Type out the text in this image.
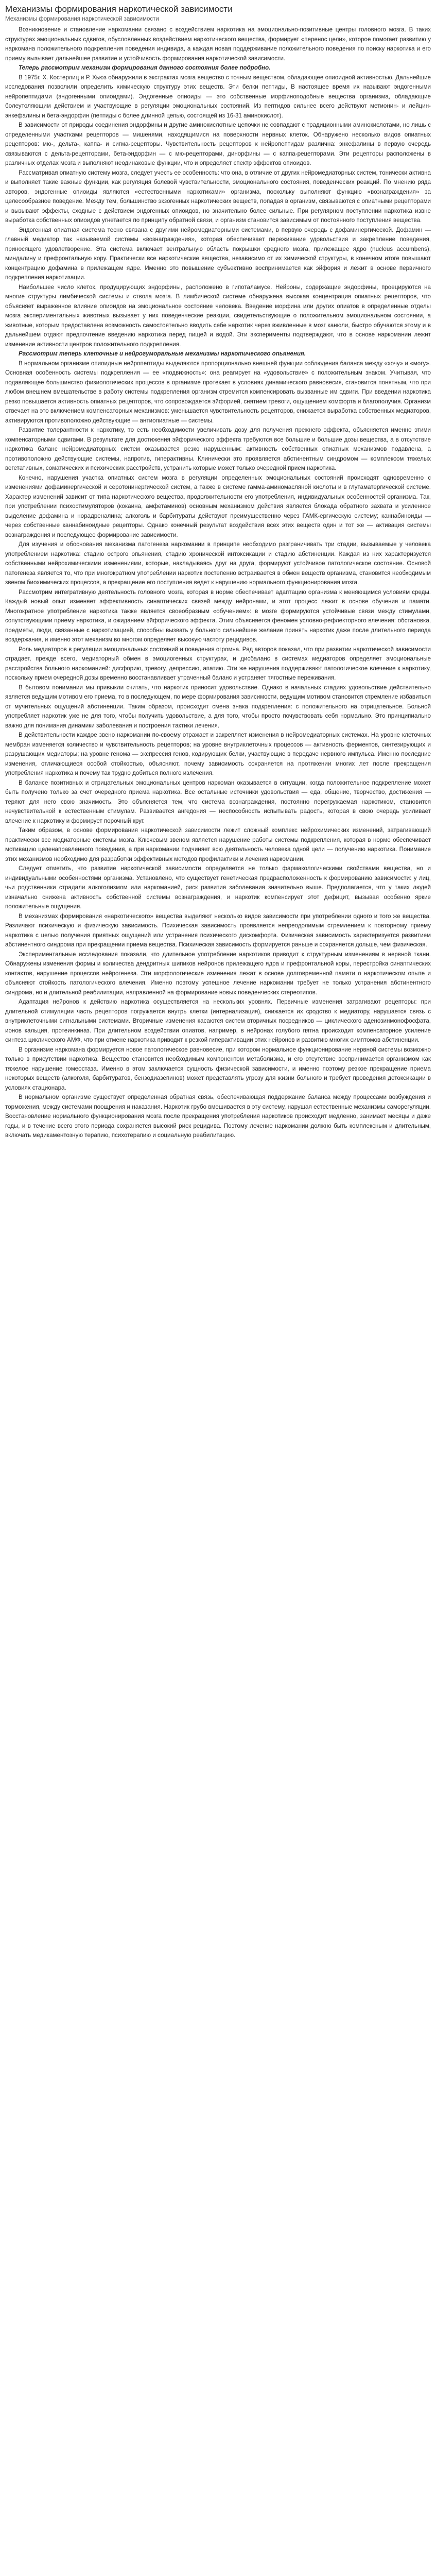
Механизмы формирования наркотической зависимости
Механизмы формирования наркотической зависимости

Возникновение и становление наркомании связано с воздействием наркотика на эмоционально-позитивные центры головного мозга. В таких структурах эмоциональных сдвигов, обусловленных воздействием наркотического вещества, формирует «перенос цели», которое помогает развитию у наркомана положительного подкрепления поведения индивида, а каждая новая поддерживание положительного поведения по поиску наркотика и его приему вызывает дальнейшее развитие и устойчивость формирования наркотической зависимости.

Теперь рассмотрим механизм формирования данного состояния более подробно.

В 1975г. Х. Костерлиц и Р. Хьюз обнаружили в экстрактах мозга вещество с точным веществом, обладающее опиоидной активностью. Дальнейшие исследования позволили определить химическую структуру этих веществ. Эти белки пептиды, В настоящее время их называют эндогенными нейропептидами (эндогенными опиоидами). Эндогенные опиоиды — это собственные морфиноподобные вещества организма, обладающие болеутоляющим действием и участвующие в регуляции эмоциональных состояний. Из пептидов сильнее всего действуют метионин- и лейцин-энкефалины и бета-эндорфин (пептиды с более длинной цепью, состоящей из 16-31 аминокислот).

В зависимости от природы соединения эндорфины и другие аминокислотные цепочки не совпадают с традиционными аминокислотами, но лишь с определенными участками рецепторов — мишенями, находящимися на поверхности нервных клеток. Обнаружено несколько видов опиатных рецепторов: мю-, дельта-, каппа- и сигма-рецепторы. Чувствительность рецепторов к нейропептидам различна: энкефалины в первую очередь связываются с дельта-рецепторами, бета-эндорфин — с мю-рецепторами, динорфины — с каппа-рецепторами. Эти рецепторы расположены в различных отделах мозга и выполняют неодинаковые функции, что и определяет спектр эффектов опиоидов.

Рассматривая опиатную систему мозга, следует учесть ее особенность: что она, в отличие от других нейромедиаторных систем, тонически активна и выполняет такие важные функции, как регуляция болевой чувствительности, эмоционального состояния, поведенческих реакций. По мнению ряда авторов, эндогенные опиоиды являются «естественными наркотиками» организма, поскольку выполняют функцию «вознаграждения» за целесообразное поведение. Между тем, большинство экзогенных наркотических веществ, попадая в организм, связываются с опиатными рецепторами и вызывают эффекты, сходные с действием эндогенных опиоидов, но значительно более сильные. При регулярном поступлении наркотика извне выработка собственных опиоидов угнетается по принципу обратной связи, и организм становится зависимым от постоянного поступления вещества.

Эндогенная опиатная система тесно связана с другими нейромедиаторными системами, в первую очередь с дофаминергической. Дофамин — главный медиатор так называемой системы «вознаграждения», которая обеспечивает переживание удовольствия и закрепление поведения, приносящего удовлетворение. Эта система включает вентральную область покрышки среднего мозга, прилежащее ядро (nucleus accumbens), миндалину и префронтальную кору. Практически все наркотические вещества, независимо от их химической структуры, в конечном итоге повышают концентрацию дофамина в прилежащем ядре. Именно это повышение субъективно воспринимается как эйфория и лежит в основе первичного подкрепления наркотизации.

Наибольшее число клеток, продуцирующих эндорфины, расположено в гипоталамусе. Нейроны, содержащие эндорфины, проецируются на многие структуры лимбической системы и ствола мозга. В лимбической системе обнаружена высокая концентрация опиатных рецепторов, что объясняет выраженное влияние опиоидов на эмоциональное состояние человека. Введение морфина или других опиатов в определенные отделы мозга экспериментальных животных вызывает у них поведенческие реакции, свидетельствующие о положительном эмоциональном состоянии, а животные, которым предоставлена возможность самостоятельно вводить себе наркотик через вживленные в мозг канюли, быстро обучаются этому и в дальнейшем отдают предпочтение введению наркотика перед пищей и водой. Эти эксперименты подтверждают, что в основе наркомании лежит изменение активности центров положительного подкрепления.

Рассмотрим теперь клеточные и нейрогуморальные механизмы наркотического опьянения.

В нормальном организме опиоидные нейропептиды выделяются пропорционально внешней функции соблюдения баланса между «хочу» и «могу». Основная особенность системы подкрепления — ее «подвижность»: она реагирует на «удовольствие» с положительным знаком. Учитывая, что подавляющее большинство физиологических процессов в организме протекает в условиях динамического равновесия, становится понятным, что при любом внешнем вмешательстве в работу системы подкрепления организм стремится компенсировать вызванные им сдвиги. При введении наркотика резко повышается активность опиатных рецепторов, что сопровождается эйфорией, снятием тревоги, ощущением комфорта и благополучия. Организм отвечает на это включением компенсаторных механизмов: уменьшается чувствительность рецепторов, снижается выработка собственных медиаторов, активируются противоположно действующие — антиопиатные — системы.

Развитие толерантности к наркотику, то есть необходимости увеличивать дозу для получения прежнего эффекта, объясняется именно этими компенсаторными сдвигами. В результате для достижения эйфорического эффекта требуются все большие и большие дозы вещества, а в отсутствие наркотика баланс нейромедиаторных систем оказывается резко нарушенным: активность собственных опиатных механизмов подавлена, а противоположно действующие системы, напротив, гиперактивны. Клинически это проявляется абстинентным синдромом — комплексом тяжелых вегетативных, соматических и психических расстройств, устранить которые может только очередной прием наркотика.

Конечно, нарушения участка опиатных систем мозга в регуляции определенных эмоциональных состояний происходят одновременно с изменениями дофаминергической и серотонинергической систем, а также в системе гамма-аминомасляной кислоты и в глутаматергической системе. Характер изменений зависит от типа наркотического вещества, продолжительности его употребления, индивидуальных особенностей организма. Так, при употреблении психостимуляторов (кокаина, амфетаминов) основным механизмом действия является блокада обратного захвата и усиленное выделение дофамина и норадреналина; алкоголь и барбитураты действуют преимущественно через ГАМК-ергическую систему; каннабиноиды — через собственные каннабиноидные рецепторы. Однако конечный результат воздействия всех этих веществ один и тот же — активация системы вознаграждения и последующее формирование зависимости.

Для изучения и обоснования механизма патогенеза наркомании в принципе необходимо разграничивать три стадии, вызываемые у человека употреблением наркотика: стадию острого опьянения, стадию хронической интоксикации и стадию абстиненции. Каждая из них характеризуется собственными нейрохимическими изменениями, которые, накладываясь друг на друга, формируют устойчивое патологическое состояние. Основой патогенеза является то, что при многократном употреблении наркотик постепенно встраивается в обмен веществ организма, становится необходимым звеном биохимических процессов, а прекращение его поступления ведет к нарушению нормального функционирования мозга.

Рассмотрим интегративную деятельность головного мозга, которая в норме обеспечивает адаптацию организма к меняющимся условиям среды. Каждый новый опыт изменяет эффективность синаптических связей между нейронами, и этот процесс лежит в основе обучения и памяти. Многократное употребление наркотика также является своеобразным «обучением»: в мозге формируются устойчивые связи между стимулами, сопутствующими приему наркотика, и ожиданием эйфорического эффекта. Этим объясняется феномен условно-рефлекторного влечения: обстановка, предметы, люди, связанные с наркотизацией, способны вызвать у больного сильнейшее желание принять наркотик даже после длительного периода воздержания, и именно этот механизм во многом определяет высокую частоту рецидивов.

Роль медиаторов в регуляции эмоциональных состояний и поведения огромна. Ряд авторов показал, что при развитии наркотической зависимости страдает, прежде всего, медиаторный обмен в эмоциогенных структурах, и дисбаланс в системах медиаторов определяет эмоциональные расстройства больного наркоманией: дисфорию, тревогу, депрессию, апатию. Эти же нарушения поддерживают патологическое влечение к наркотику, поскольку прием очередной дозы временно восстанавливает утраченный баланс и устраняет тягостные переживания.

В бытовом понимании мы привыкли считать, что наркотик приносит удовольствие. Однако в начальных стадиях удовольствие действительно является ведущим мотивом его приема, то в последующем, по мере формирования зависимости, ведущим мотивом становится стремление избавиться от мучительных ощущений абстиненции. Таким образом, происходит смена знака подкрепления: с положительного на отрицательное. Больной употребляет наркотик уже не для того, чтобы получить удовольствие, а для того, чтобы просто почувствовать себя нормально. Это принципиально важно для понимания динамики заболевания и построения тактики лечения.

В действительности каждое звено наркомании по-своему отражает и закрепляет изменения в нейромедиаторных системах. На уровне клеточных мембран изменяется количество и чувствительность рецепторов; на уровне внутриклеточных процессов — активность ферментов, синтезирующих и разрушающих медиаторы; на уровне генома — экспрессия генов, кодирующих белки, участвующие в передаче нервного импульса. Именно последние изменения, отличающиеся особой стойкостью, объясняют, почему зависимость сохраняется на протяжении многих лет после прекращения употребления наркотика и почему так трудно добиться полного излечения.

В балансе позитивных и отрицательных эмоциональных центров наркоман оказывается в ситуации, когда положительное подкрепление может быть получено только за счет очередного приема наркотика. Все остальные источники удовольствия — еда, общение, творчество, достижения — теряют для него свою значимость. Это объясняется тем, что система вознаграждения, постоянно перегружаемая наркотиком, становится нечувствительной к естественным стимулам. Развивается ангедония — неспособность испытывать радость, которая в свою очередь усиливает влечение к наркотику и формирует порочный круг.

Таким образом, в основе формирования наркотической зависимости лежит сложный комплекс нейрохимических изменений, затрагивающий практически все медиаторные системы мозга. Ключевым звеном является нарушение работы системы подкрепления, которая в норме обеспечивает мотивацию целенаправленного поведения, а при наркомании подчиняет всю деятельность человека одной цели — получению наркотика. Понимание этих механизмов необходимо для разработки эффективных методов профилактики и лечения наркомании.

Следует отметить, что развитие наркотической зависимости определяется не только фармакологическими свойствами вещества, но и индивидуальными особенностями организма. Установлено, что существует генетическая предрасположенность к формированию зависимости: у лиц, чьи родственники страдали алкоголизмом или наркоманией, риск развития заболевания значительно выше. Предполагается, что у таких людей изначально снижена активность собственной системы вознаграждения, и наркотик компенсирует этот дефицит, вызывая особенно яркие положительные ощущения.

В механизмах формирования «наркотического» вещества выделяют несколько видов зависимости при употреблении одного и того же вещества. Различают психическую и физическую зависимость. Психическая зависимость проявляется непреодолимым стремлением к повторному приему наркотика с целью получения приятных ощущений или устранения психического дискомфорта. Физическая зависимость характеризуется развитием абстинентного синдрома при прекращении приема вещества. Психическая зависимость формируется раньше и сохраняется дольше, чем физическая.

Экспериментальные исследования показали, что длительное употребление наркотиков приводит к структурным изменениям в нервной ткани. Обнаружены изменения формы и количества дендритных шипиков нейронов прилежащего ядра и префронтальной коры, перестройка синаптических контактов, нарушение процессов нейрогенеза. Эти морфологические изменения лежат в основе долговременной памяти о наркотическом опыте и объясняют стойкость патологического влечения. Именно поэтому успешное лечение наркомании требует не только устранения абстинентного синдрома, но и длительной реабилитации, направленной на формирование новых поведенческих стереотипов.

Адаптация нейронов к действию наркотика осуществляется на нескольких уровнях. Первичные изменения затрагивают рецепторы: при длительной стимуляции часть рецепторов погружается внутрь клетки (интернализация), снижается их сродство к медиатору, нарушается связь с внутриклеточными сигнальными системами. Вторичные изменения касаются систем вторичных посредников — циклического аденозинмонофосфата, ионов кальция, протеинкиназ. При длительном воздействии опиатов, например, в нейронах голубого пятна происходит компенсаторное усиление синтеза циклического АМФ, что при отмене наркотика приводит к резкой гиперактивации этих нейронов и развитию многих симптомов абстиненции.

В организме наркомана формируется новое патологическое равновесие, при котором нормальное функционирование нервной системы возможно только в присутствии наркотика. Вещество становится необходимым компонентом метаболизма, и его отсутствие воспринимается организмом как тяжелое нарушение гомеостаза. Именно в этом заключается сущность физической зависимости, и именно поэтому резкое прекращение приема некоторых веществ (алкоголя, барбитуратов, бензодиазепинов) может представлять угрозу для жизни больного и требует проведения детоксикации в условиях стационара.

В нормальном организме существует определенная обратная связь, обеспечивающая поддержание баланса между процессами возбуждения и торможения, между системами поощрения и наказания. Наркотик грубо вмешивается в эту систему, нарушая естественные механизмы саморегуляции. Восстановление нормального функционирования мозга после прекращения употребления наркотиков происходит медленно, занимает месяцы и даже годы, и в течение всего этого периода сохраняется высокий риск рецидива. Поэтому лечение наркомании должно быть комплексным и длительным, включать медикаментозную терапию, психотерапию и социальную реабилитацию.
